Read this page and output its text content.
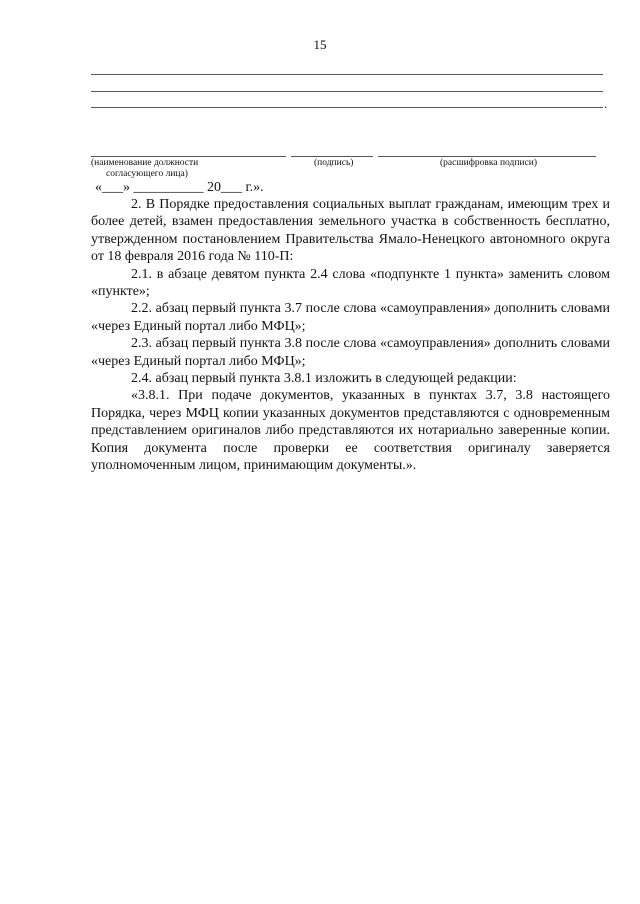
15
.
(наименование должности
согласующего лица)
(подпись)	(расшифровка подписи)
«___» __________ 20___ г.».

2. В Порядке предоставления социальных выплат гражданам, имеющим трех и более детей, взамен предоставления земельного участка в собственность бесплатно, утвержденном постановлением Правительства Ямало-Ненецкого автономного округа от 18 февраля 2016 года № 110-П:

2.1. в абзаце девятом пункта 2.4 слова «подпункте 1 пункта» заменить словом «пункте»;

2.2. абзац первый пункта 3.7 после слова «самоуправления» дополнить словами «через Единый портал либо МФЦ»;

2.3. абзац первый пункта 3.8 после слова «самоуправления» дополнить словами «через Единый портал либо МФЦ»;

2.4. абзац первый пункта 3.8.1 изложить в следующей редакции:

«3.8.1. При подаче документов, указанных в пунктах 3.7, 3.8 настоящего Порядка, через МФЦ копии указанных документов представляются с одновременным представлением оригиналов либо представляются их нотариально заверенные копии. Копия документа после проверки ее соответствия оригиналу заверяется уполномоченным лицом, принимающим документы.».
